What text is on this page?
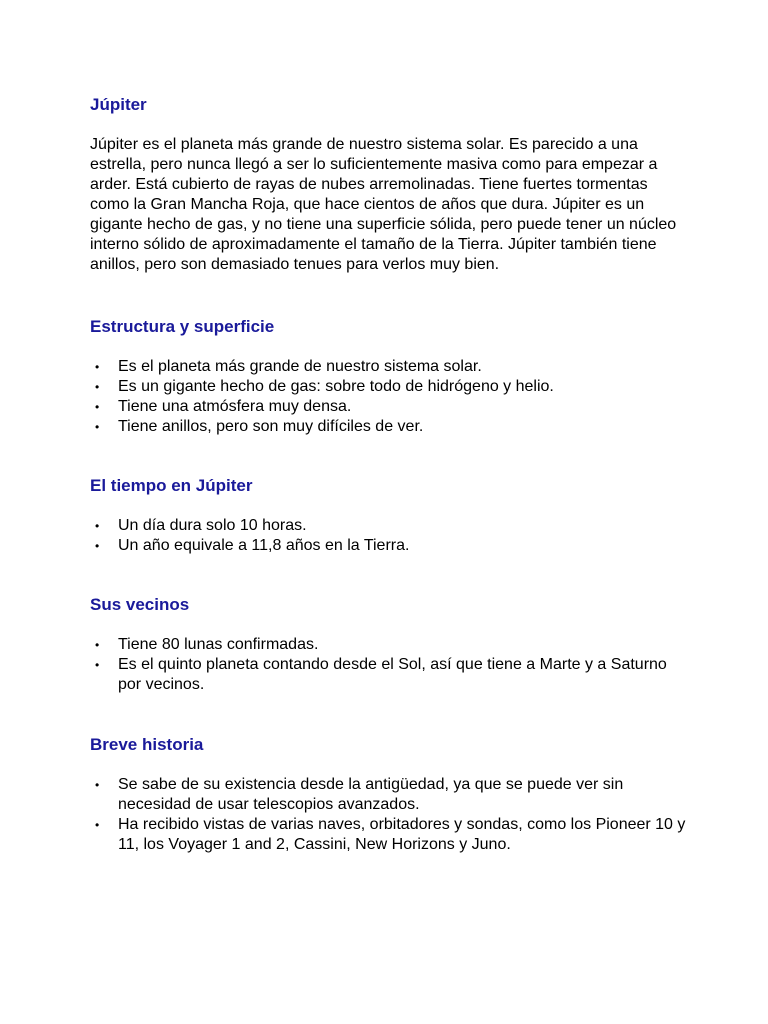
Júpiter

Júpiter es el planeta más grande de nuestro sistema solar. Es parecido a una estrella, pero nunca llegó a ser lo suficientemente masiva como para empezar a arder. Está cubierto de rayas de nubes arremolinadas. Tiene fuertes tormentas como la Gran Mancha Roja, que hace cientos de años que dura. Júpiter es un gigante hecho de gas, y no tiene una superficie sólida, pero puede tener un núcleo interno sólido de aproximadamente el tamaño de la Tierra. Júpiter también tiene anillos, pero son demasiado tenues para verlos muy bien.

Estructura y superficie
• Es el planeta más grande de nuestro sistema solar.
• Es un gigante hecho de gas: sobre todo de hidrógeno y helio.
• Tiene una atmósfera muy densa.
• Tiene anillos, pero son muy difíciles de ver.
El tiempo en Júpiter
• Un día dura solo 10 horas.
• Un año equivale a 11,8 años en la Tierra.
Sus vecinos
• Tiene 80 lunas confirmadas.
• Es el quinto planeta contando desde el Sol, así que tiene a Marte y a Saturno por vecinos.
Breve historia
• Se sabe de su existencia desde la antigüedad, ya que se puede ver sin necesidad de usar telescopios avanzados.
• Ha recibido vistas de varias naves, orbitadores y sondas, como los Pioneer 10 y 11, los Voyager 1 and 2, Cassini, New Horizons y Juno.
